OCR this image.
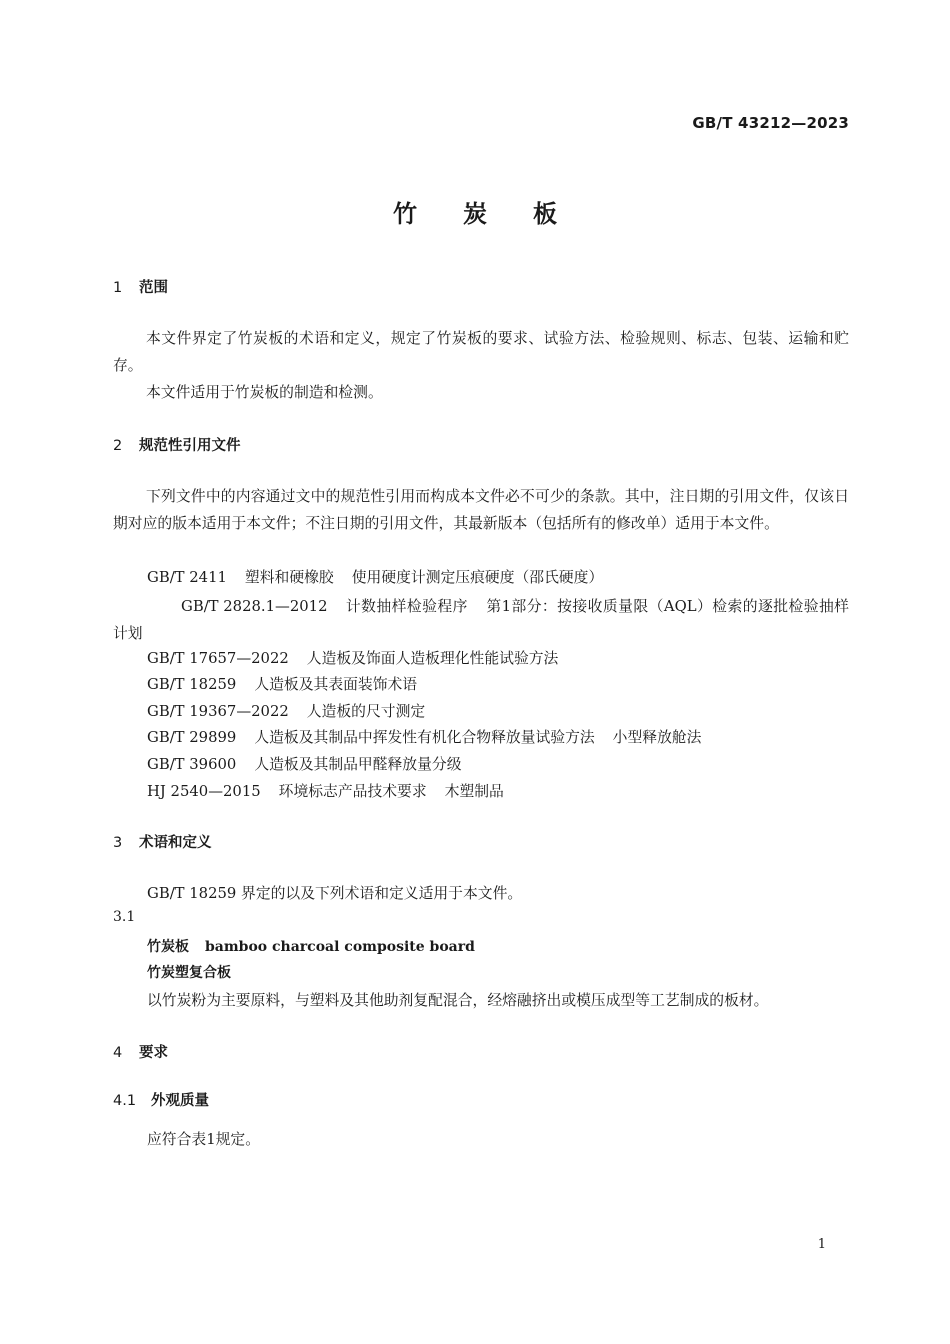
GB/T 43212—2023
竹炭板
1 范围

本文件界定了竹炭板的术语和定义，规定了竹炭板的要求、试验方法、检验规则、标志、包装、运输和贮存。

本文件适用于竹炭板的制造和检测。

2 规范性引用文件

下列文件中的内容通过文中的规范性引用而构成本文件必不可少的条款。其中，注日期的引用文件，仅该日期对应的版本适用于本文件；不注日期的引用文件，其最新版本（包括所有的修改单）适用于本文件。

GB/T 2411 塑料和硬橡胶 使用硬度计测定压痕硬度（邵氏硬度）
GB/T 2828.1—2012 计数抽样检验程序 第1部分：按接收质量限（AQL）检索的逐批检验抽样计划
GB/T 17657—2022 人造板及饰面人造板理化性能试验方法
GB/T 18259 人造板及其表面装饰术语
GB/T 19367—2022 人造板的尺寸测定
GB/T 29899 人造板及其制品中挥发性有机化合物释放量试验方法 小型释放舱法
GB/T 39600 人造板及其制品甲醛释放量分级
HJ 2540—2015 环境标志产品技术要求 木塑制品
3 术语和定义
GB/T 18259 界定的以及下列术语和定义适用于本文件。
3.1
竹炭板 bamboo charcoal composite board
竹炭塑复合板
以竹炭粉为主要原料，与塑料及其他助剂复配混合，经熔融挤出或模压成型等工艺制成的板材。
4 要求
4.1 外观质量
应符合表1规定。
1
